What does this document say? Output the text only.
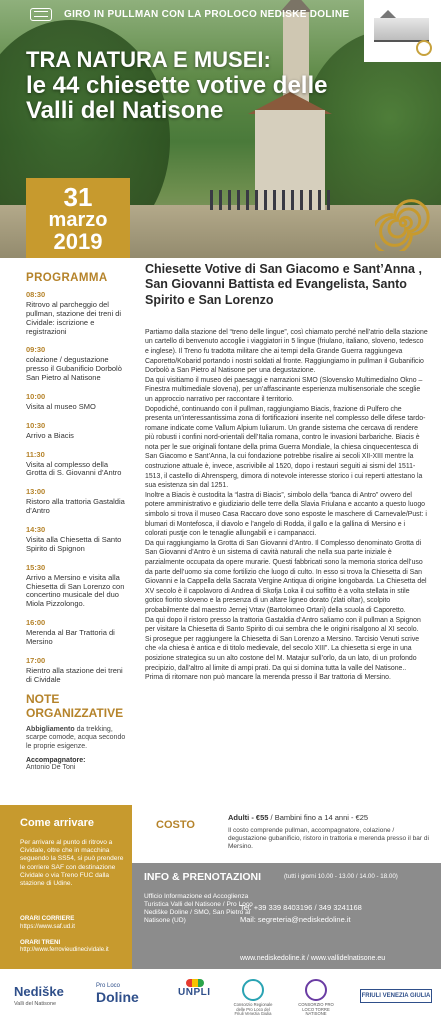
GIRO IN PULLMAN CON LA PROLOCO NEDISKE DOLINE
TRA NATURA E MUSEI:
le 44 chiesette votive delle Valli del Natisone
31
marzo
2019
PROGRAMMA
08:30
Ritrovo al parcheggio del pullman, stazione dei treni di Cividale: iscrizione e registrazioni
09:30
colazione / degustazione presso il Gubanificio Dorbolò San Pietro al Natisone
10:00
Visita al museo SMO
10:30
Arrivo a Biacis
11:30
Visita al complesso della Grotta di S. Giovanni d’Antro
13:00
Ristoro alla trattoria Gastaldia d’Antro
14:30
Visita alla Chiesetta di Santo Spirito di Spignon
15:30
Arrivo a Mersino e visita alla Chiesetta di San Lorenzo con concertino musicale del duo Miola Pizzolongo.
16:00
Merenda al Bar Trattoria di Mersino
17:00
Rientro alla stazione dei treni di Cividale
NOTE
ORGANIZZATIVE
Abbigliamento da trekking, scarpe comode, acqua secondo le proprie esigenze.
Accompagnatore:
Antonio De Toni
Chiesette Votive di San Giacomo e Sant’Anna , San Giovanni Battista ed Evangelista, Santo Spirito e San Lorenzo

Partiamo dalla stazione del “treno delle lingue”, così chiamato perché nell’atrio della stazione un cartello di benvenuto accoglie i viaggiatori in 5 lingue (friulano, italiano, sloveno, tedesco e inglese). Il Treno fu tradotta militare che ai tempi della Grande Guerra raggiungeva Caporetto/Kobarid portando i nostri soldati al fronte. Raggiungiamo in pullman il Gubanificio Dorbolò a San Pietro al Natisone per una degustazione.

Da qui visitiamo il museo dei paesaggi e narrazioni SMO (Slovensko Multimedialno Okno – Finestra multimediale slovena), per un’affascinante esperienza multisensoriale che sceglie un approccio narrativo per raccontare il territorio.

Dopodiché, continuando con il pullman, raggiungiamo Biacis, frazione di Pulfero che presenta un’interessantissima zona di fortificazioni inserite nel complesso delle difese tardo-romane indicate come Vallum Alpium Iuliarum. Un grande sistema che cercava di rendere più robusti i confini nord-orientali dell’Italia romana, contro le invasioni barbariche. Biacis è nota per le sue originali fontane della prima Guerra Mondiale, la chiesa cinquecentesca di San Giacomo e Sant’Anna, la cui fondazione potrebbe risalire ai secoli XII-XIII mentre la costruzione attuale è, invece, ascrivibile al 1520, dopo i restauri seguiti ai sismi del 1511-1513, il castello di Ahrensperg, dimora di notevole interesse storico i cui reperti attestano la sua esistenza sin dal 1251.

Inoltre a Biacis è custodita la “lastra di Biacis”, simbolo della “banca di Antro” ovvero del potere amministrativo e giudiziario delle terre della Slavia Friulana e accanto a questo luogo simbolo si trova il museo Casa Raccaro dove sono esposte le maschere di Carnevale/Pust: i blumari di Montefosca, il diavolo e l’angelo di Rodda, il gallo e la gallina di Mersino e i colorati pustje con le tenaglie allungabili e i campanacci.

Da qui raggiungiamo la Grotta di San Giovanni d’Antro. Il Complesso denominato Grotta di San Giovanni d’Antro è un sistema di cavità naturali che nella sua parte iniziale è parzialmente occupata da opere murarie. Questi fabbricati sono la memoria storica dell’uso da parte dell’uomo sia come fortilizio che luogo di culto. In esso si trova la Chiesetta di San Giovanni e la Cappella della Sacrata Vergine Antiqua di origine longobarda. La Chiesetta del XV secolo è il capolavoro di Andrea di Skofja Loka il cui soffitto è a volta stellata in stile gotico fiorito sloveno e la presenza di un altare ligneo dorato (zlati oltar), scolpito probabilmente dal maestro Jernej Vrtav (Bartolomeo Ortari) della scuola di Caporetto.

Da qui dopo il ristoro presso la trattoria Gastaldia d’Antro saliamo con il pullman a Spignon per visitare la Chiesetta di Santo Spirito di cui sembra che le origini risalgono al XI secolo.

Si prosegue per raggiungere la Chiesetta di San Lorenzo a Mersino. Tarcisio Venuti scrive che «la chiesa è antica e di titolo medievale, del secolo XIII”. La chiesetta si erge in una posizione strategica su un alto costone del M. Matajur sull’orlo, da un lato, di un profondo precipizio, dall’altro al limite di ampi prati. Da qui si domina tutta la valle del Natisone..

Prima di ritornare non può mancare la merenda presso il Bar trattoria di Mersino.

Come arrivare
Per arrivare al punto di ritrovo a Cividale, oltre che in macchina seguendo la SS54, si può prendere le corriere SAF con destinazione Cividale o via Treno FUC dalla stazione di Udine.
ORARI CORRIERE
https://www.saf.ud.it
ORARI TRENI
http://www.ferrovieudinecividale.it
COSTO
Adulti - €55 / Bambini fino a 14 anni - €25
Il costo comprende pullman, accompagnatore, colazione / degustazione gubanificio, ristoro in trattoria e merenda presso il bar di Mersino.
INFO & PRENOTAZIONI	(tutti i giorni 10.00 - 13.00 / 14.00 - 18.00)
Ufficio Informazione ed Accoglienza Turistica Valli del Natisone / Pro Loco Nediške Doline / SMO, San Pietro al Natisone (UD)
Tel: +39 339 8403196 / 349 3241168
Mail: segreteria@nediskedoline.it
www.nediskedoline.it / www.vallidelnatisone.eu
Nediške
Valli del Natisone
Pro Loco
Doline	UNPLI
Consorzio Regionale delle Pro Loco del Friuli Venezia Giulia
CONSORZIO PRO LOCO TORRE NATISONE
FRIULI VENEZIA GIULIA
